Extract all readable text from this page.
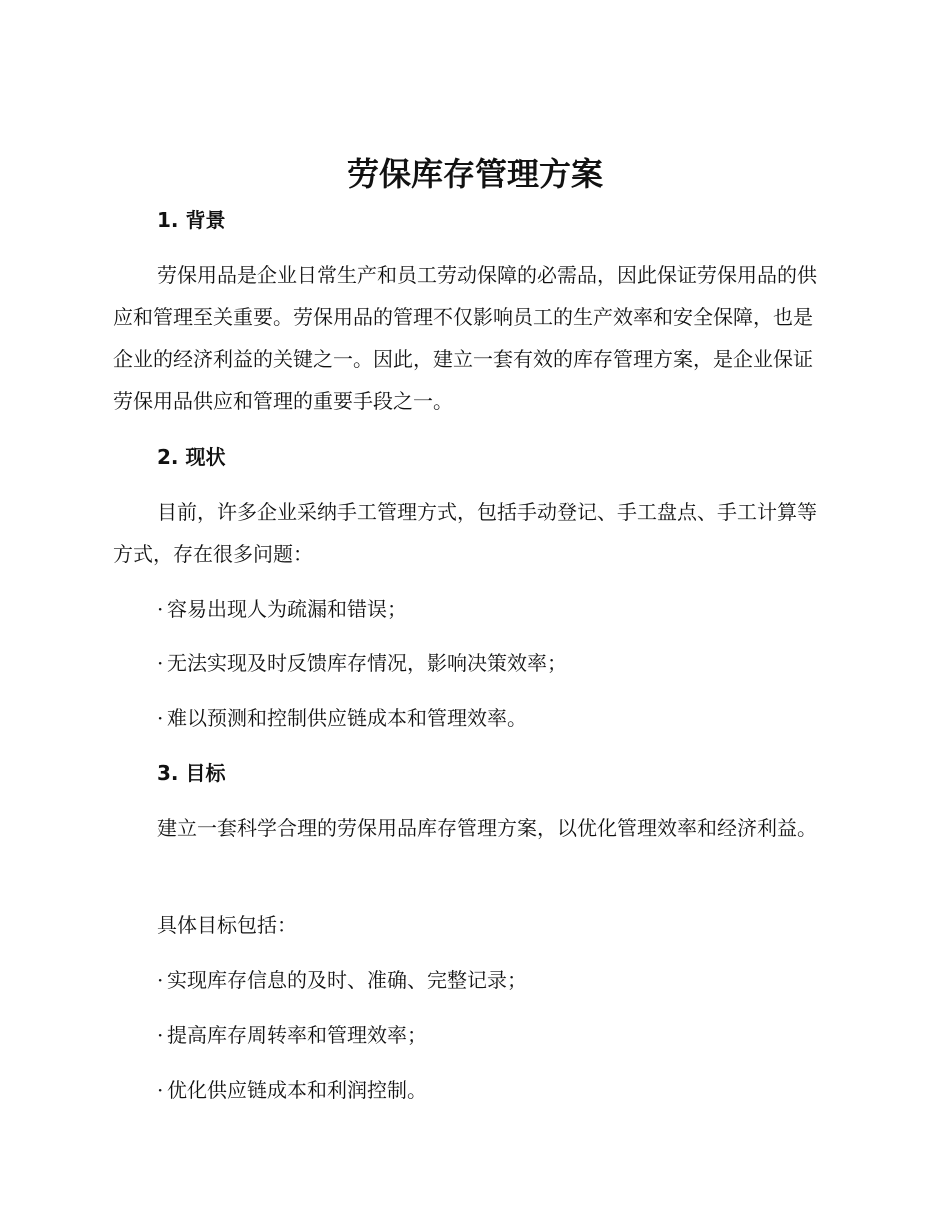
劳保库存管理方案
1. 背景

劳保用品是企业日常生产和员工劳动保障的必需品，因此保证劳保用品的供应和管理至关重要。劳保用品的管理不仅影响员工的生产效率和安全保障，也是企业的经济利益的关键之一。因此，建立一套有效的库存管理方案，是企业保证劳保用品供应和管理的重要手段之一。

2. 现状

目前，许多企业采纳手工管理方式，包括手动登记、手工盘点、手工计算等方式，存在很多问题：

· 容易出现人为疏漏和错误；

· 无法实现及时反馈库存情况，影响决策效率；

· 难以预测和控制供应链成本和管理效率。

3. 目标

建立一套科学合理的劳保用品库存管理方案，以优化管理效率和经济利益。

具体目标包括：

· 实现库存信息的及时、准确、完整记录；

· 提高库存周转率和管理效率；

· 优化供应链成本和利润控制。
